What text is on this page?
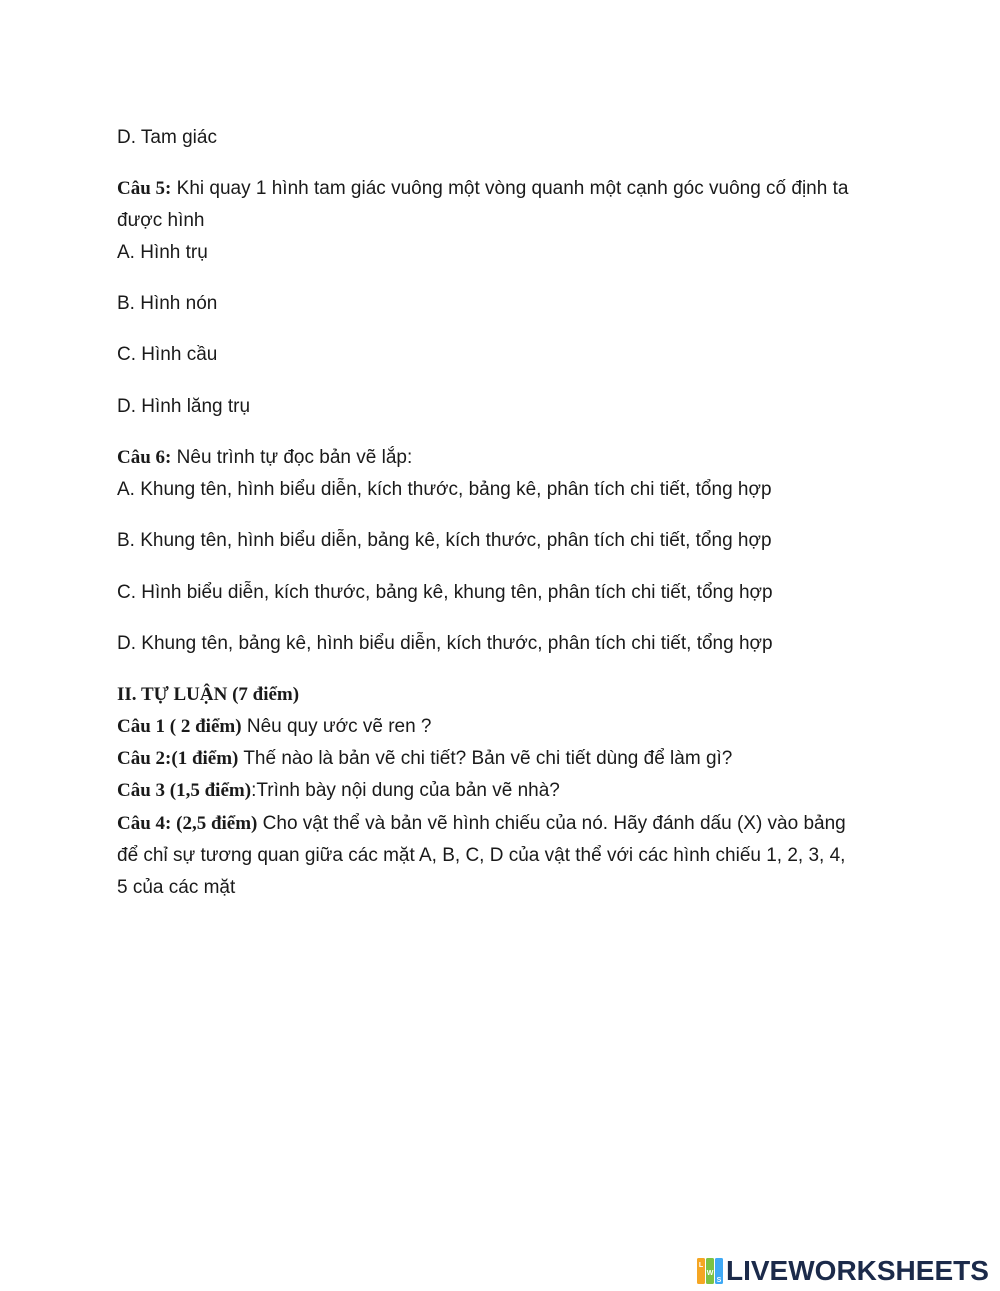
D. Tam giác
Câu 5: Khi quay 1 hình tam giác vuông một vòng quanh một cạnh góc vuông cố định ta
được hình
A. Hình trụ
B. Hình nón
C. Hình cầu
D. Hình lăng trụ
Câu 6: Nêu trình tự đọc bản vẽ lắp:
A. Khung tên, hình biểu diễn, kích thước, bảng kê, phân tích chi tiết, tổng hợp
B. Khung tên, hình biểu diễn, bảng kê, kích thước, phân tích chi tiết, tổng hợp
C. Hình biểu diễn, kích thước, bảng kê, khung tên, phân tích chi tiết, tổng hợp
D. Khung tên, bảng kê, hình biểu diễn, kích thước, phân tích chi tiết, tổng hợp
II. TỰ LUẬN (7 điểm)
Câu 1 ( 2 điểm) Nêu quy ước vẽ ren ?
Câu 2:(1 điểm) Thế nào là bản vẽ chi tiết? Bản vẽ chi tiết dùng để làm gì?
Câu 3 (1,5 điểm):Trình bày nội dung của bản vẽ nhà?
Câu 4: (2,5 điểm) Cho vật thể và bản vẽ hình chiếu của nó. Hãy đánh dấu (X) vào bảng
để chỉ sự tương quan giữa các mặt A, B, C, D của vật thể với các hình chiếu 1, 2, 3, 4,
5 của các mặt
L
W
S LIVEWORKSHEETS
